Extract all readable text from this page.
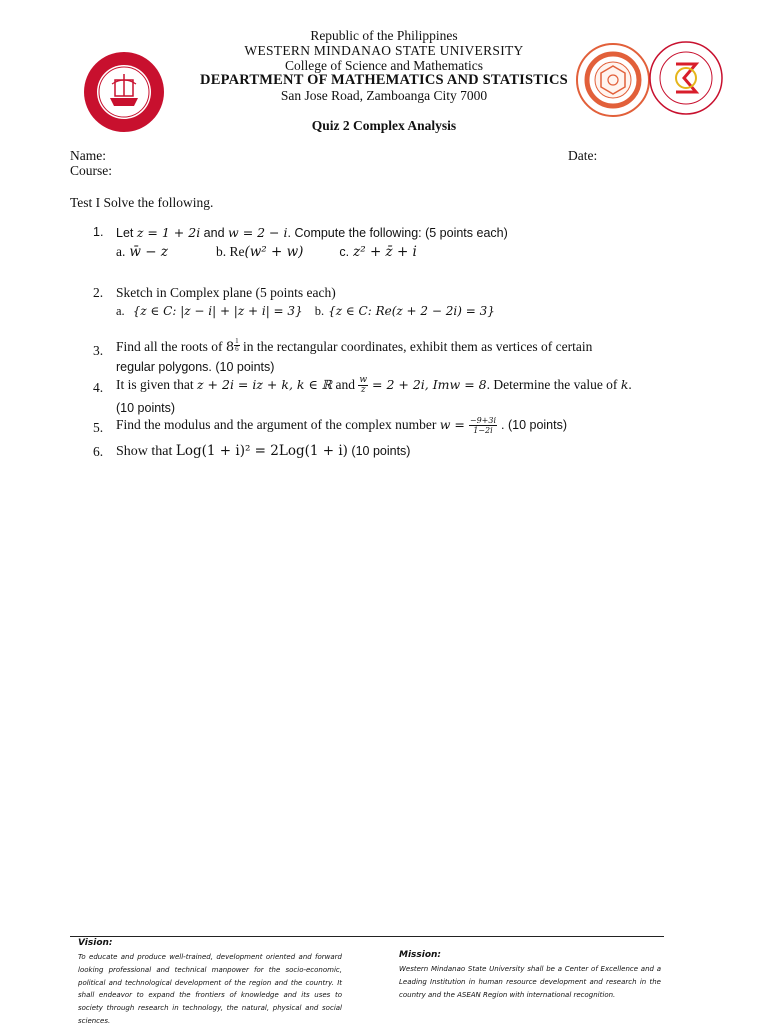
Republic of the Philippines
WESTERN MINDANAO STATE UNIVERSITY
College of Science and Mathematics
DEPARTMENT OF MATHEMATICS AND STATISTICS
San Jose Road, Zamboanga City 7000
Quiz 2 Complex Analysis
Name:	Date:
Course:
Test I Solve the following.
1. Let z = 1 + 2i and w = 2 − i. Compute the following: (5 points each)
a. w̄ − z	b. Re(w² + w)	c. z² + z̄ + i
2. Sketch in Complex plane (5 points each)
a. {z ∈ C: |z − i| + |z + i| = 3} b. {z ∈ C: Re(z + 2 − 2i) = 3}
3. Find all the roots of $8 \frac{1}{6}$ in the rectangular coordinates, exhibit them as vertices of certain
regular polygons. (10 points)
4. It is given that z + 2i = iz + k, k ∈ ℝ and $\frac{w}{z} = 2 + 2i$, Imw = 8. Determine the value of k.
(10 points)
5. Find the modulus and the argument of the complex number $w = \frac{-9+3i}{1-2i}$ . (10 points)
6. Show that Log(1 + i)² = 2Log(1 + i) (10 points)
Vision:
To educate and produce well-trained, development oriented and forward looking professional and technical manpower for the socio-economic, political and technological development of the region and the country. It shall endeavor to expand the frontiers of knowledge and its uses to society through research in technology, the natural, physical and social sciences.
Mission:
Western Mindanao State University shall be a Center of Excellence and a Leading Institution in human resource development and research in the country and the ASEAN Region with international recognition.
